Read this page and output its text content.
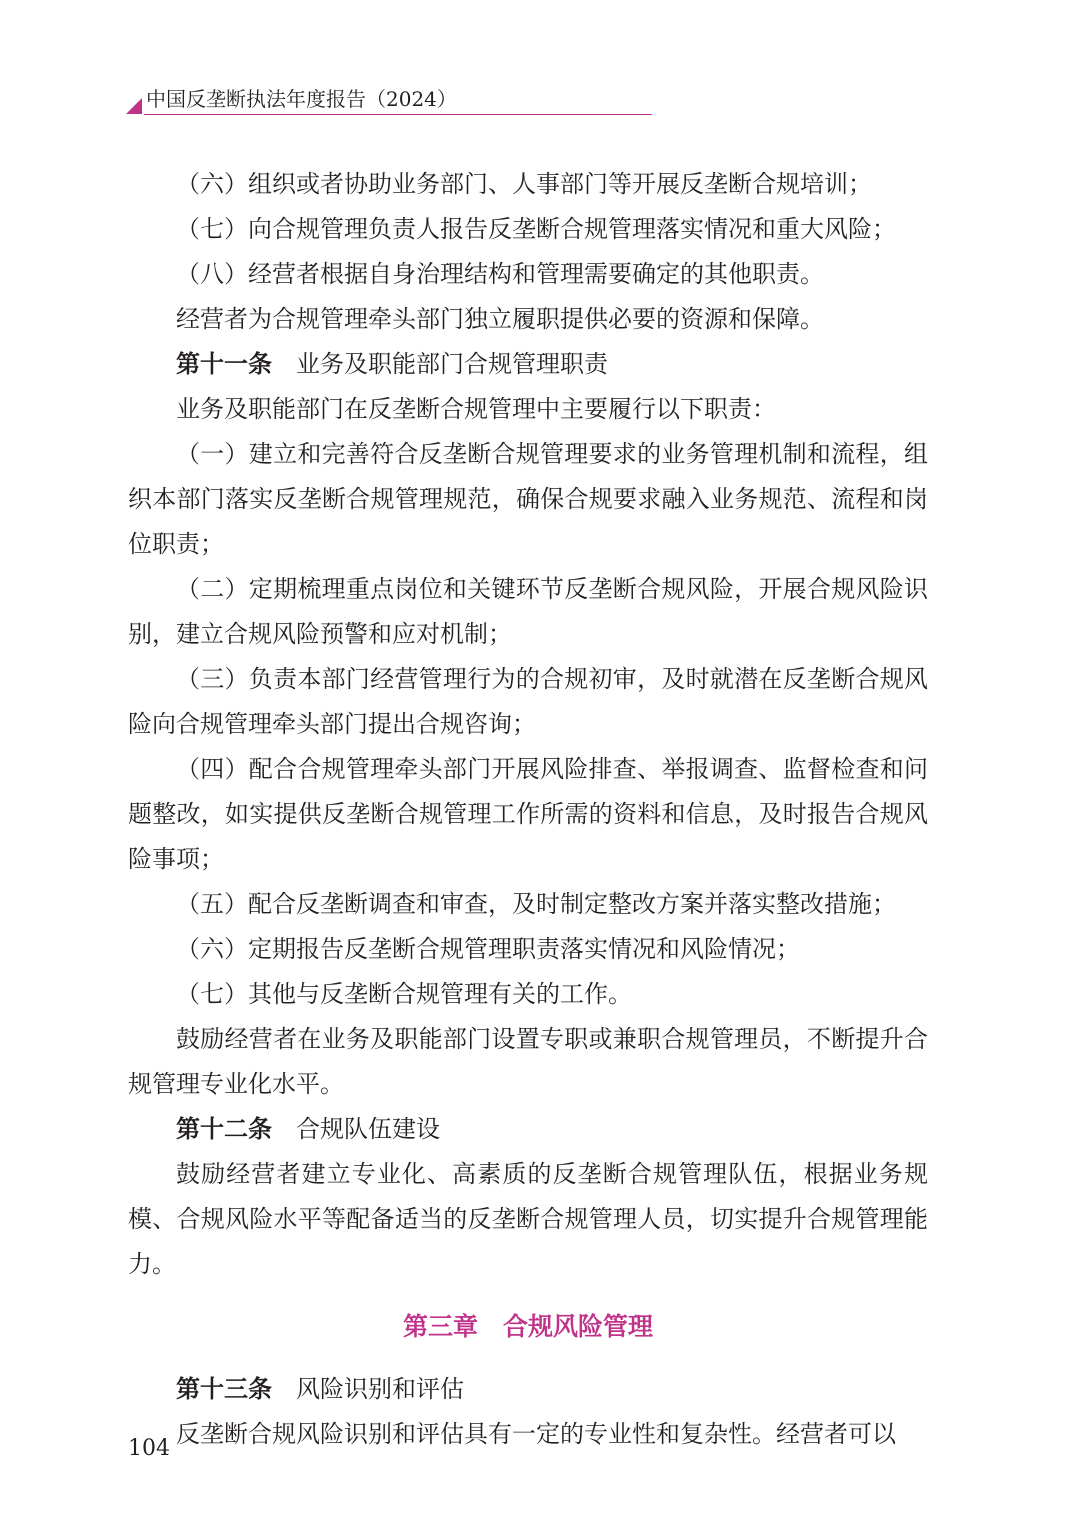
中国反垄断执法年度报告（2024）

（六）组织或者协助业务部门、人事部门等开展反垄断合规培训；

（七）向合规管理负责人报告反垄断合规管理落实情况和重大风险；

（八）经营者根据自身治理结构和管理需要确定的其他职责。

经营者为合规管理牵头部门独立履职提供必要的资源和保障。

第十一条 业务及职能部门合规管理职责

业务及职能部门在反垄断合规管理中主要履行以下职责：

（一）建立和完善符合反垄断合规管理要求的业务管理机制和流程，组织本部门落实反垄断合规管理规范，确保合规要求融入业务规范、流程和岗位职责；

（二）定期梳理重点岗位和关键环节反垄断合规风险，开展合规风险识别，建立合规风险预警和应对机制；

（三）负责本部门经营管理行为的合规初审，及时就潜在反垄断合规风险向合规管理牵头部门提出合规咨询；

（四）配合合规管理牵头部门开展风险排查、举报调查、监督检查和问题整改，如实提供反垄断合规管理工作所需的资料和信息，及时报告合规风险事项；

（五）配合反垄断调查和审查，及时制定整改方案并落实整改措施；

（六）定期报告反垄断合规管理职责落实情况和风险情况；

（七）其他与反垄断合规管理有关的工作。

鼓励经营者在业务及职能部门设置专职或兼职合规管理员，不断提升合规管理专业化水平。

第十二条 合规队伍建设

鼓励经营者建立专业化、高素质的反垄断合规管理队伍，根据业务规模、合规风险水平等配备适当的反垄断合规管理人员，切实提升合规管理能力。

第三章　合规风险管理

第十三条 风险识别和评估

反垄断合规风险识别和评估具有一定的专业性和复杂性。经营者可以

104
